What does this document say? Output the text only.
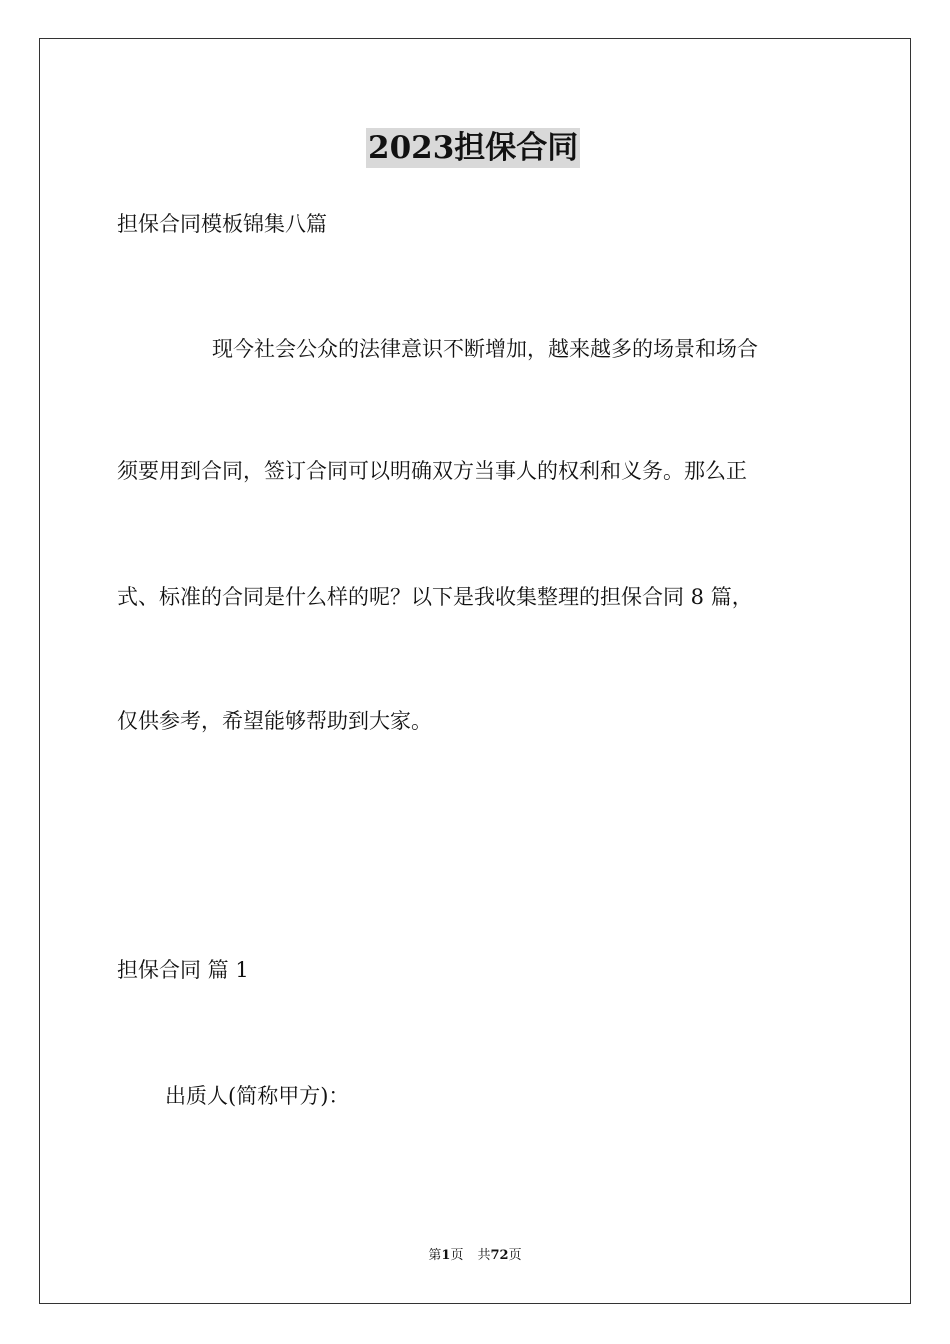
2023担保合同
担保合同模板锦集八篇
现今社会公众的法律意识不断增加，越来越多的场景和场合
须要用到合同，签订合同可以明确双方当事人的权利和义务。那么正
式、标准的合同是什么样的呢？以下是我收集整理的担保合同 8 篇，
仅供参考，希望能够帮助到大家。
担保合同 篇 1
出质人(简称甲方)：
第1页 共72页
